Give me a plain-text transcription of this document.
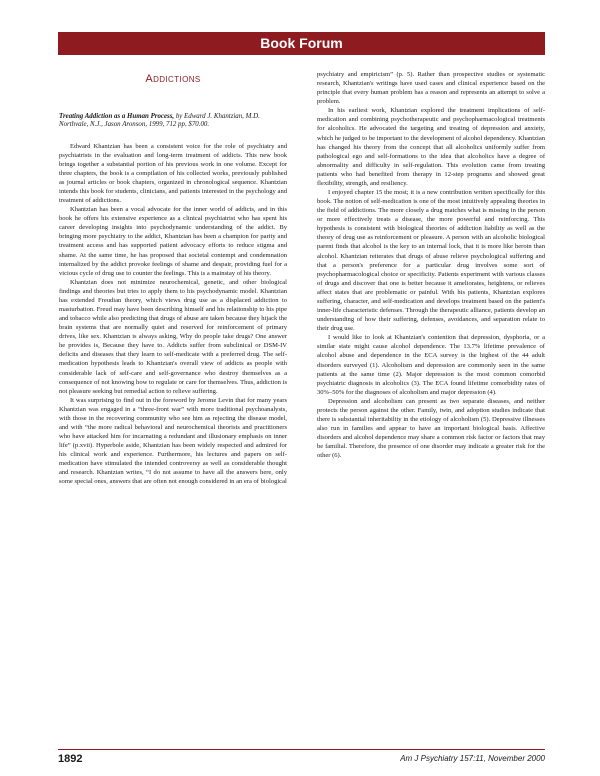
Book Forum
Addictions
Treating Addiction as a Human Process, by Edward J. Khantzian, M.D. Northvale, N.J., Jason Aronson, 1999, 712 pp, $70.00.

Edward Khantzian has been a consistent voice for the role of psychiatry and psychiatrists in the evaluation and long-term treatment of addicts. This new book brings together a substantial portion of his previous work in one volume. Except for three chapters, the book is a compilation of his collected works, previously published as journal articles or book chapters, organized in chronological sequence. Khantzian intends this book for students, clinicians, and patients interested in the psychology and treatment of addictions.

Khantzian has been a vocal advocate for the inner world of addicts, and in this book he offers his extensive experience as a clinical psychiatrist who has spent his career developing insights into psychodynamic understanding of the addict. By bringing more psychiatry to the addict, Khantzian has been a champion for parity and treatment access and has supported patient advocacy efforts to reduce stigma and shame. At the same time, he has proposed that societal contempt and condemnation internalized by the addict provoke feelings of shame and despair, providing fuel for a vicious cycle of drug use to counter the feelings. This is a mainstay of his theory.

Khantzian does not minimize neurochemical, genetic, and other biological findings and theories but tries to apply them to his psychodynamic model. Khantzian has extended Freudian theory, which views drug use as a displaced addiction to masturbation. Freud may have been describing himself and his relationship to his pipe and tobacco while also predicting that drugs of abuse are taken because they hijack the brain systems that are normally quiet and reserved for reinforcement of primary drives, like sex. Khantzian is always asking, Why do people take drugs? One answer he provides is, Because they have to. Addicts suffer from subclinical or DSM-IV deficits and diseases that they learn to self-medicate with a preferred drug. The self-medication hypothesis leads to Khantzian's overall view of addicts as people with considerable lack of self-care and self-governance who destroy themselves as a consequence of not knowing how to regulate or care for themselves. Thus, addiction is not pleasure seeking but remedial action to relieve suffering.

It was surprising to find out in the foreword by Jerome Levin that for many years Khantzian was engaged in a “three-front war” with more traditional psychoanalysts, with those in the recovering community who see him as rejecting the disease model, and with “the more radical behavioral and neurochemical theorists and practitioners who have attacked him for incarnating a redundant and illusionary emphasis on inner life” (p.xvii). Hyperbole aside, Khantzian has been widely respected and admired for his clinical work and experience. Furthermore, his lectures and papers on self-medication have stimulated the intended controversy as well as considerable thought and research. Khantzian writes, “I do not assume to have all the answers here, only some special ones, answers that are often not enough considered in an era of biological

psychiatry and empiricism” (p. 5). Rather than prospective studies or systematic research, Khantzian's writings have used cases and clinical experience based on the principle that every human problem has a reason and represents an attempt to solve a problem.

In his earliest work, Khantzian explored the treatment implications of self-medication and combining psychotherapeutic and psychopharmacological treatments for alcoholics. He advocated the targeting and treating of depression and anxiety, which he judged to be important to the development of alcohol dependency. Khantzian has changed his theory from the concept that all alcoholics uniformly suffer from pathological ego and self-formations to the idea that alcoholics have a degree of abnormality and difficulty in self-regulation. This evolution came from treating patients who had benefited from therapy in 12-step programs and showed great flexibility, strength, and resiliency.

I enjoyed chapter 15 the most; it is a new contribution written specifically for this book. The notion of self-medication is one of the most intuitively appealing theories in the field of addictions. The more closely a drug matches what is missing in the person or more effectively treats a disease, the more powerful and reinforcing. This hypothesis is consistent with biological theories of addiction liability as well as the theory of drug use as reinforcement or pleasure. A person with an alcoholic biological parent finds that alcohol is the key to an internal lock, that it is more like heroin than alcohol. Khantzian reiterates that drugs of abuse relieve psychological suffering and that a person's preference for a particular drug involves some sort of psychopharmacological choice or specificity. Patients experiment with various classes of drugs and discover that one is better because it ameliorates, heightens, or relieves affect states that are problematic or painful. With his patients, Khantzian explores suffering, character, and self-medication and develops treatment based on the patient's inner-life characteristic defenses. Through the therapeutic alliance, patients develop an understanding of how their suffering, defenses, avoidances, and separation relate to their drug use.

I would like to look at Khantzian's contention that depression, dysphoria, or a similar state might cause alcohol dependence. The 13.7% lifetime prevalence of alcohol abuse and dependence in the ECA survey is the highest of the 44 adult disorders surveyed (1). Alcoholism and depression are commonly seen in the same patients at the same time (2). Major depression is the most common comorbid psychiatric diagnosis in alcoholics (3). The ECA found lifetime comorbidity rates of 30%–50% for the diagnoses of alcoholism and major depression (4).

Depression and alcoholism can present as two separate diseases, and neither protects the person against the other. Family, twin, and adoption studies indicate that there is substantial inheritability in the etiology of alcoholism (5). Depressive illnesses also run in families and appear to have an important biological basis. Affective disorders and alcohol dependence may share a common risk factor or factors that may be familial. Therefore, the presence of one disorder may indicate a greater risk for the other (6).

1892	Am J Psychiatry 157:11, November 2000
